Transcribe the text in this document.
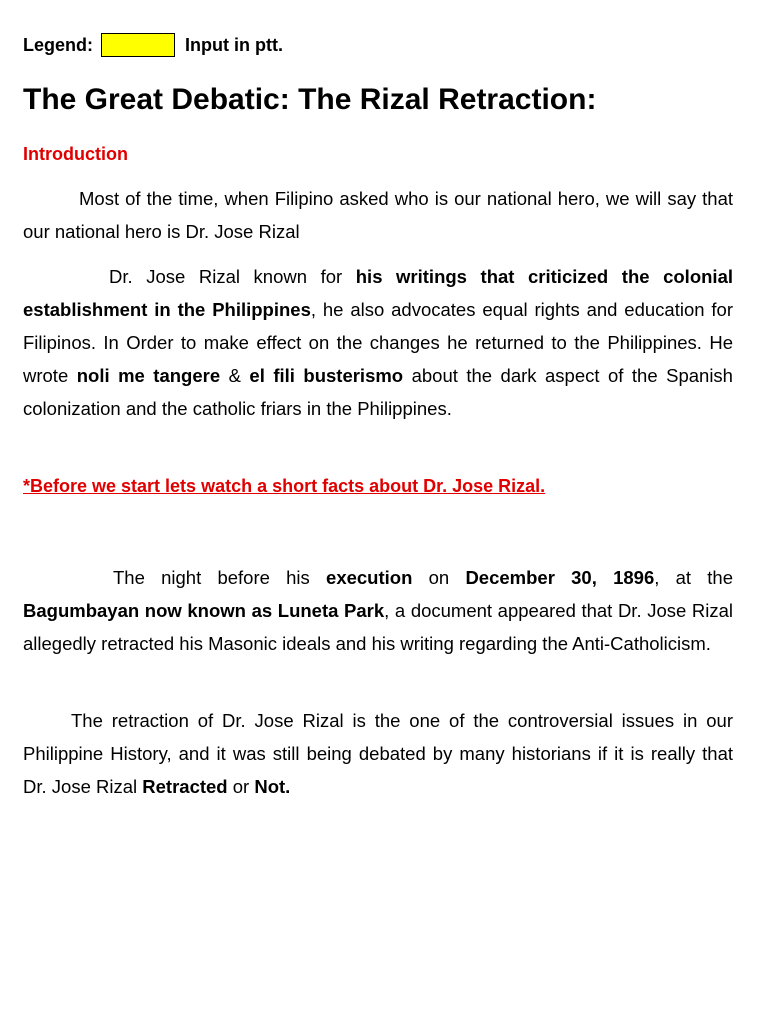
Legend:	Input in ptt.
The Great Debatic: The Rizal Retraction:
Introduction

Most of the time, when Filipino asked who is our national hero, we will say that our national hero is Dr. Jose Rizal

Dr. Jose Rizal known for his writings that criticized the colonial establishment in the Philippines, he also advocates equal rights and education for Filipinos. In Order to make effect on the changes he returned to the Philippines. He wrote noli me tangere & el fili busterismo about the dark aspect of the Spanish colonization and the catholic friars in the Philippines.

*Before we start lets watch a short facts about Dr. Jose Rizal.

The night before his execution on December 30, 1896, at the Bagumbayan now known as Luneta Park, a document appeared that Dr. Jose Rizal allegedly retracted his Masonic ideals and his writing regarding the Anti-Catholicism.

The retraction of Dr. Jose Rizal is the one of the controversial issues in our Philippine History, and it was still being debated by many historians if it is really that Dr. Jose Rizal Retracted or Not.
